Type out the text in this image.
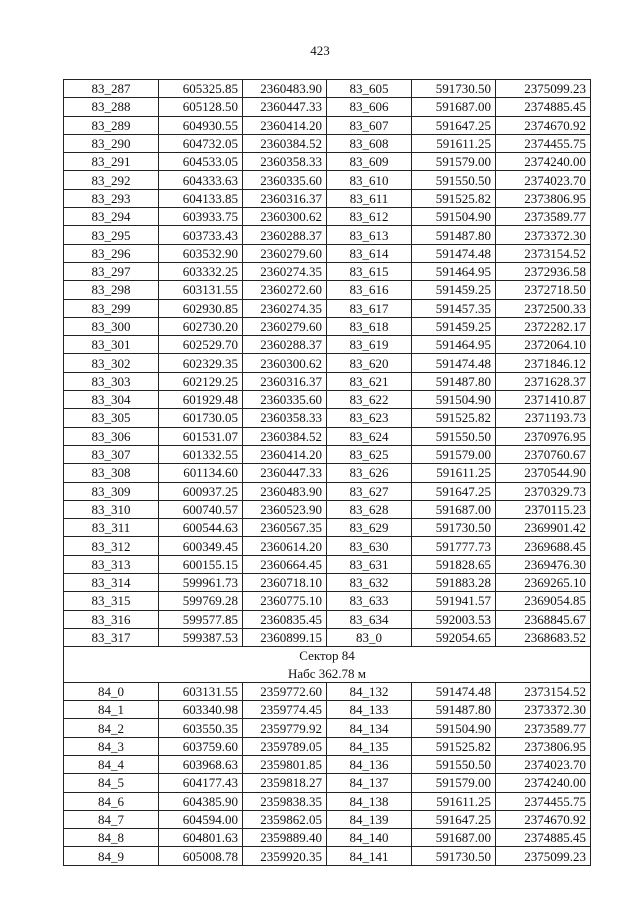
423
83_287	605325.85	2360483.90	83_605	591730.50	2375099.23
83_288	605128.50	2360447.33	83_606	591687.00	2374885.45
83_289	604930.55	2360414.20	83_607	591647.25	2374670.92
83_290	604732.05	2360384.52	83_608	591611.25	2374455.75
83_291	604533.05	2360358.33	83_609	591579.00	2374240.00
83_292	604333.63	2360335.60	83_610	591550.50	2374023.70
83_293	604133.85	2360316.37	83_611	591525.82	2373806.95
83_294	603933.75	2360300.62	83_612	591504.90	2373589.77
83_295	603733.43	2360288.37	83_613	591487.80	2373372.30
83_296	603532.90	2360279.60	83_614	591474.48	2373154.52
83_297	603332.25	2360274.35	83_615	591464.95	2372936.58
83_298	603131.55	2360272.60	83_616	591459.25	2372718.50
83_299	602930.85	2360274.35	83_617	591457.35	2372500.33
83_300	602730.20	2360279.60	83_618	591459.25	2372282.17
83_301	602529.70	2360288.37	83_619	591464.95	2372064.10
83_302	602329.35	2360300.62	83_620	591474.48	2371846.12
83_303	602129.25	2360316.37	83_621	591487.80	2371628.37
83_304	601929.48	2360335.60	83_622	591504.90	2371410.87
83_305	601730.05	2360358.33	83_623	591525.82	2371193.73
83_306	601531.07	2360384.52	83_624	591550.50	2370976.95
83_307	601332.55	2360414.20	83_625	591579.00	2370760.67
83_308	601134.60	2360447.33	83_626	591611.25	2370544.90
83_309	600937.25	2360483.90	83_627	591647.25	2370329.73
83_310	600740.57	2360523.90	83_628	591687.00	2370115.23
83_311	600544.63	2360567.35	83_629	591730.50	2369901.42
83_312	600349.45	2360614.20	83_630	591777.73	2369688.45
83_313	600155.15	2360664.45	83_631	591828.65	2369476.30
83_314	599961.73	2360718.10	83_632	591883.28	2369265.10
83_315	599769.28	2360775.10	83_633	591941.57	2369054.85
83_316	599577.85	2360835.45	83_634	592003.53	2368845.67
83_317	599387.53	2360899.15	83_0	592054.65	2368683.52
Сектор 84					
Набс 362.78 м					
84_0	603131.55	2359772.60	84_132	591474.48	2373154.52
84_1	603340.98	2359774.45	84_133	591487.80	2373372.30
84_2	603550.35	2359779.92	84_134	591504.90	2373589.77
84_3	603759.60	2359789.05	84_135	591525.82	2373806.95
84_4	603968.63	2359801.85	84_136	591550.50	2374023.70
84_5	604177.43	2359818.27	84_137	591579.00	2374240.00
84_6	604385.90	2359838.35	84_138	591611.25	2374455.75
84_7	604594.00	2359862.05	84_139	591647.25	2374670.92
84_8	604801.63	2359889.40	84_140	591687.00	2374885.45
84_9	605008.78	2359920.35	84_141	591730.50	2375099.23
